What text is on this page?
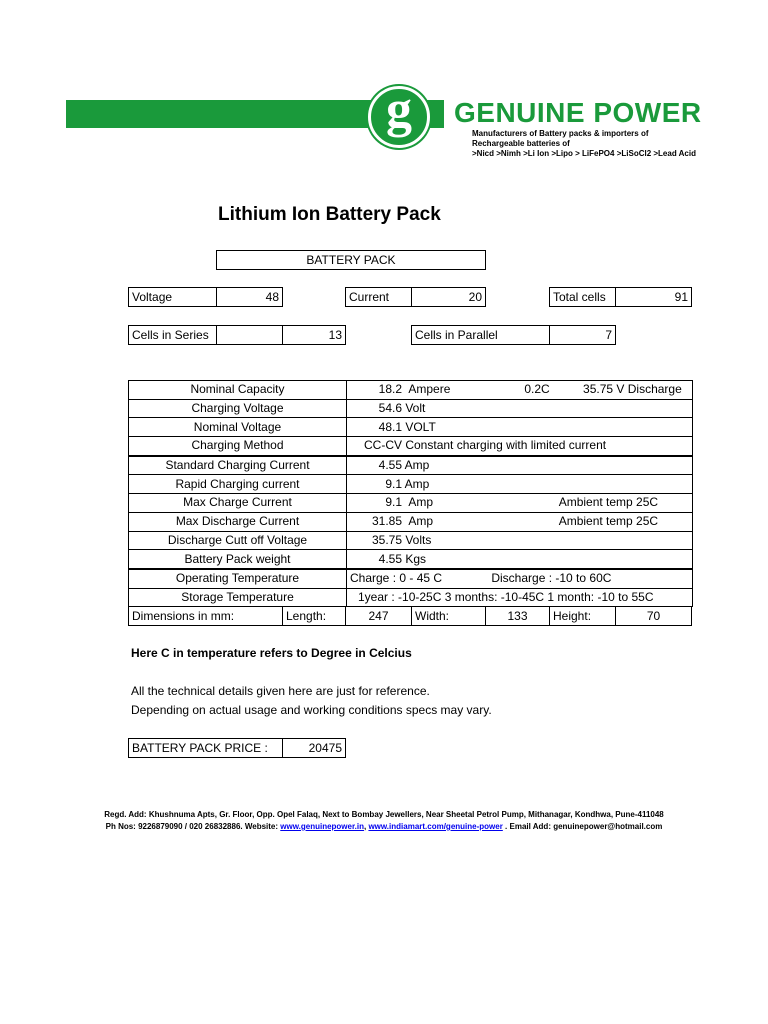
g	GENUINE POWER
Manufacturers of Battery packs & importers of
Rechargeable batteries of
>Nicd >Nimh >Li Ion >Lipo > LiFePO4 >LiSoCl2 >Lead Acid
Lithium Ion Battery Pack
BATTERY PACK
Voltage	48	Current	20	Total cells	91
Cells in Series	13	Cells in Parallel	7
Nominal Capacity	18.2 Ampere 0.2C 35.75 V Discharge
Charging Voltage	54.6 Volt
Nominal Voltage	48.1 VOLT
Charging Method	CC-CV Constant charging with limited current
Standard Charging Current	4.55 Amp
Rapid Charging current	9.1 Amp
Max Charge Current	9.1 Amp Ambient temp 25C
Max Discharge Current	31.85 Amp Ambient temp 25C
Discharge Cutt off Voltage	35.75 Volts
Battery Pack weight	4.55 Kgs
Operating Temperature	Charge : 0 - 45 C Discharge : -10 to 60C
Storage Temperature	1year : -10-25C 3 months: -10-45C 1 month: -10 to 55C
Dimensions in mm:	Length:	247	Width:	133	Height:	70
Here C in temperature refers to Degree in Celcius
All the technical details given here are just for reference.
Depending on actual usage and working conditions specs may vary.
BATTERY PACK PRICE :	20475
Regd. Add: Khushnuma Apts, Gr. Floor, Opp. Opel Falaq, Next to Bombay Jewellers, Near Sheetal Petrol Pump, Mithanagar, Kondhwa, Pune-411048
Ph Nos: 9226879090 / 020 26832886. Website: www.genuinepower.in, www.indiamart.com/genuine-power . Email Add: genuinepower@hotmail.com
